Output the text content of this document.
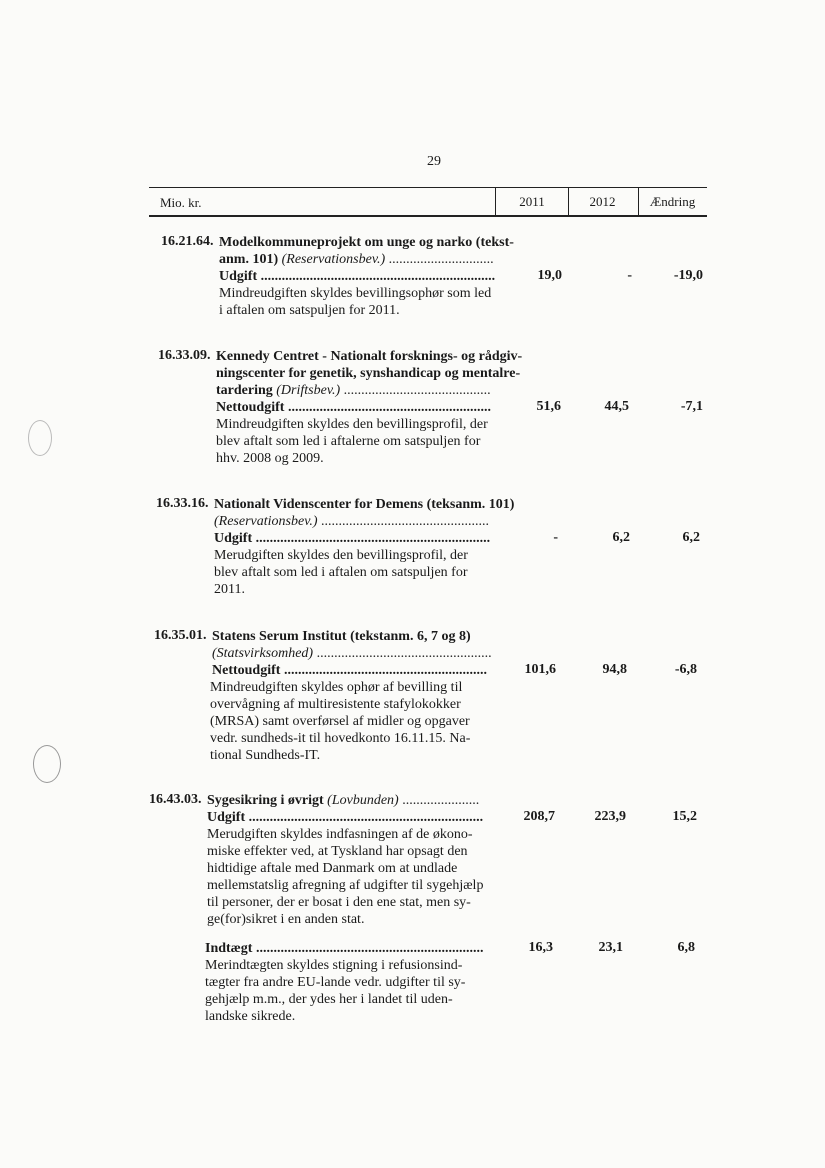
29
Mio. kr.	2011	2012	Ændring
16.21.64. Modelkommuneprojekt om unge og narko (tekst-
anm. 101) (Reservationsbev.) ..............................
Udgift ...................................................................	19,0	-	-19,0
Mindreudgiften skyldes bevillingsophør som led
i aftalen om satspuljen for 2011.
16.33.09. Kennedy Centret - Nationalt forsknings- og rådgiv-
ningscenter for genetik, synshandicap og mentalre-
tardering (Driftsbev.) ..........................................
Nettoudgift ..........................................................	51,6	44,5	-7,1
Mindreudgiften skyldes den bevillingsprofil, der
blev aftalt som led i aftalerne om satspuljen for
hhv. 2008 og 2009.
16.33.16. Nationalt Videnscenter for Demens (teksanm. 101)
(Reservationsbev.) ................................................
Udgift ...................................................................	-	6,2	6,2
Merudgiften skyldes den bevillingsprofil, der
blev aftalt som led i aftalen om satspuljen for
2011.
16.35.01. Statens Serum Institut (tekstanm. 6, 7 og 8)
(Statsvirksomhed) ..................................................
Nettoudgift ..........................................................	101,6	94,8	-6,8
Mindreudgiften skyldes ophør af bevilling til
overvågning af multiresistente stafylokokker
(MRSA) samt overførsel af midler og opgaver
vedr. sundheds-it til hovedkonto 16.11.15. Na-
tional Sundheds-IT.
16.43.03. Sygesikring i øvrigt (Lovbunden) ......................
Udgift ...................................................................	208,7	223,9	15,2
Merudgiften skyldes indfasningen af de økono-
miske effekter ved, at Tyskland har opsagt den
hidtidige aftale med Danmark om at undlade
mellemstatslig afregning af udgifter til sygehjælp
til personer, der er bosat i den ene stat, men sy-
ge(for)sikret i en anden stat.
Indtægt .................................................................	16,3	23,1	6,8
Merindtægten skyldes stigning i refusionsind-
tægter fra andre EU-lande vedr. udgifter til sy-
gehjælp m.m., der ydes her i landet til uden-
landske sikrede.
